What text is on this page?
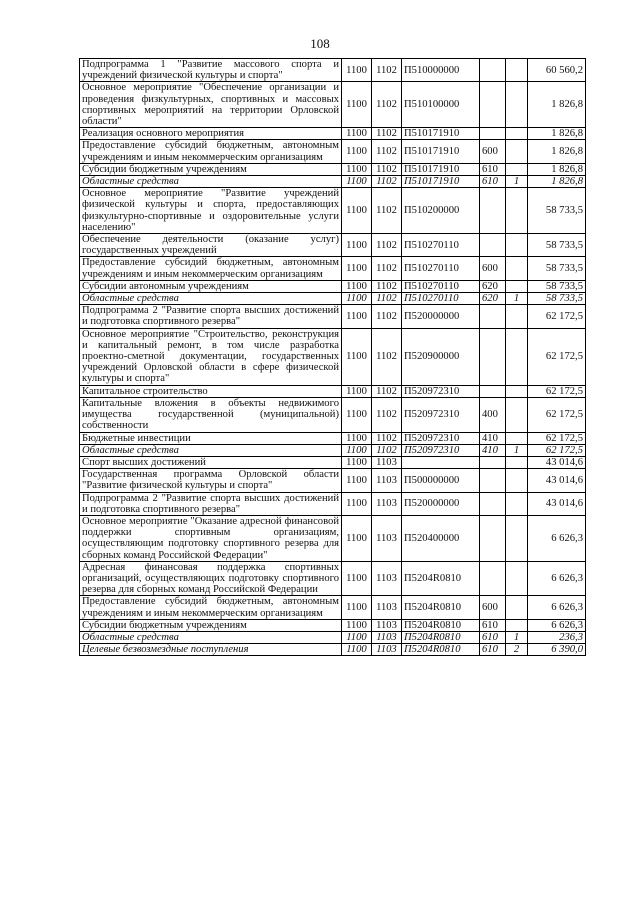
108
Подпрограмма 1 "Развитие массового спорта и учреждений физической культуры и спорта"	1100	1102	П510000000			60 560,2
Основное мероприятие "Обеспечение организации и проведения физкультурных, спортивных и массовых спортивных мероприятий на территории Орловской области"	1100	1102	П510100000			1 826,8
Реализация основного мероприятия	1100	1102	П510171910			1 826,8
Предоставление субсидий бюджетным, автономным учреждениям и иным некоммерческим организациям	1100	1102	П510171910	600		1 826,8
Субсидии бюджетным учреждениям	1100	1102	П510171910	610		1 826,8
Областные средства	1100	1102	П510171910	610	1	1 826,8
Основное мероприятие "Развитие учреждений физической культуры и спорта, предоставляющих физкультурно-спортивные и оздоровительные услуги населению"	1100	1102	П510200000			58 733,5
Обеспечение деятельности (оказание услуг) государственных учреждений	1100	1102	П510270110			58 733,5
Предоставление субсидий бюджетным, автономным учреждениям и иным некоммерческим организациям	1100	1102	П510270110	600		58 733,5
Субсидии автономным учреждениям	1100	1102	П510270110	620		58 733,5
Областные средства	1100	1102	П510270110	620	1	58 733,5
Подпрограмма 2 "Развитие спорта высших достижений и подготовка спортивного резерва"	1100	1102	П520000000			62 172,5
Основное мероприятие "Строительство, реконструкция и капитальный ремонт, в том числе разработка проектно-сметной документации, государственных учреждений Орловской области в сфере физической культуры и спорта"	1100	1102	П520900000			62 172,5
Капитальное строительство	1100	1102	П520972310			62 172,5
Капитальные вложения в объекты недвижимого имущества государственной (муниципальной) собственности	1100	1102	П520972310	400		62 172,5
Бюджетные инвестиции	1100	1102	П520972310	410		62 172,5
Областные средства	1100	1102	П520972310	410	1	62 172,5
Спорт высших достижений	1100	1103				43 014,6
Государственная программа Орловской области "Развитие физической культуры и спорта"	1100	1103	П500000000			43 014,6
Подпрограмма 2 "Развитие спорта высших достижений и подготовка спортивного резерва"	1100	1103	П520000000			43 014,6
Основное мероприятие "Оказание адресной финансовой поддержки спортивным организациям, осуществляющим подготовку спортивного резерва для сборных команд Российской Федерации"	1100	1103	П520400000			6 626,3
Адресная финансовая поддержка спортивных организаций, осуществляющих подготовку спортивного резерва для сборных команд Российской Федерации	1100	1103	П5204R0810			6 626,3
Предоставление субсидий бюджетным, автономным учреждениям и иным некоммерческим организациям	1100	1103	П5204R0810	600		6 626,3
Субсидии бюджетным учреждениям	1100	1103	П5204R0810	610		6 626,3
Областные средства	1100	1103	П5204R0810	610	1	236,3
Целевые безвозмездные поступления	1100	1103	П5204R0810	610	2	6 390,0
